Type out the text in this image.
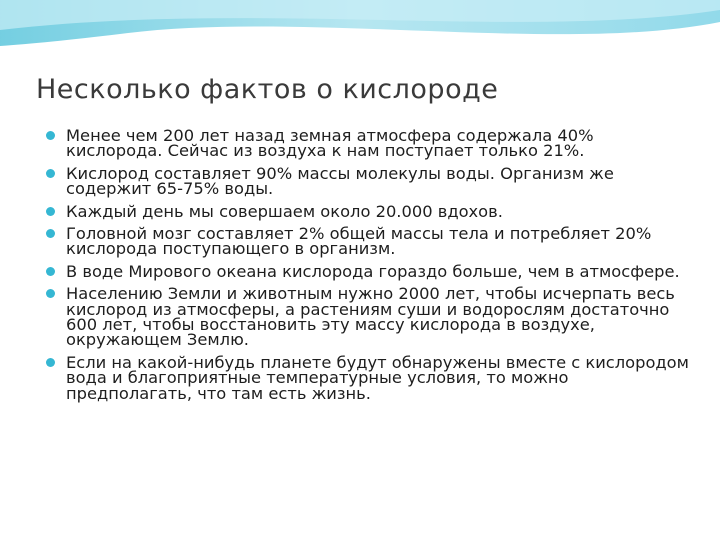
Несколько фактов о кислороде
Менее чем 200 лет назад земная атмосфера содержала 40% кислорода. Сейчас из воздуха к нам поступает только 21%.
Кислород составляет 90% массы молекулы воды. Организм же содержит 65-75% воды.
Каждый день мы совершаем около 20.000 вдохов.
Головной мозг составляет 2% общей массы тела и потребляет 20% кислорода поступающего в организм.
В воде Мирового океана кислорода гораздо больше, чем в атмосфере.
Населению Земли и животным нужно 2000 лет, чтобы исчерпать весь кислород из атмосферы, а растениям суши и водорослям достаточно 600 лет, чтобы восстановить эту массу кислорода в воздухе, окружающем Землю.
Если на какой-нибудь планете будут обнаружены вместе с кислородом вода и благоприятные температурные условия, то можно предполагать, что там есть жизнь.
